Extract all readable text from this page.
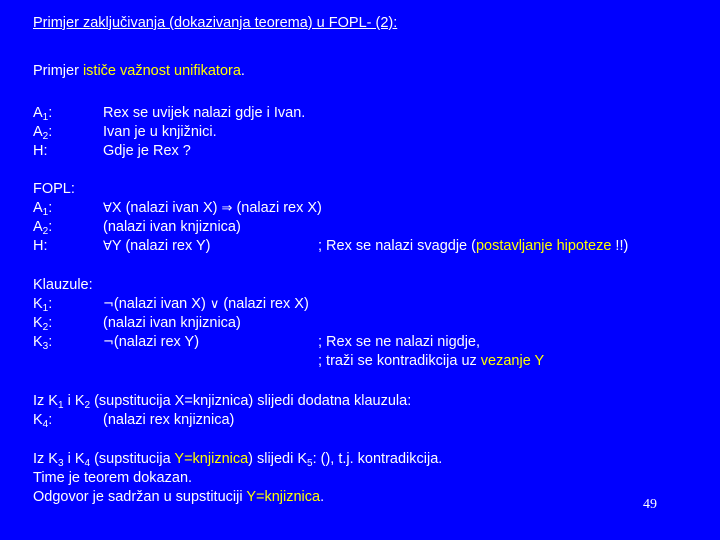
Primjer zaključivanja (dokazivanja teorema) u FOPL- (2):
Primjer ističe važnost unifikatora.
$A_1$:	Rex se uvijek nalazi gdje i Ivan.
$A_2$:	Ivan je u knjižnici.
H:	Gdje je Rex ?
FOPL:
$A_1$:	∀X (nalazi ivan X) ⇒ (nalazi rex X)
$A_2$:	(nalazi ivan knjiznica)
H:	∀Y (nalazi rex Y)	; Rex se nalazi svagdje (postavljanje hipoteze !!)
Klauzule:
$K_1$:	¬(nalazi ivan X) ∨ (nalazi rex X)
$K_2$:	(nalazi ivan knjiznica)
$K_3$:	¬(nalazi rex Y)	; Rex se ne nalazi nigdje,
; traži se kontradikcija uz vezanje Y
Iz $K_1$ i $K_2$ (supstitucija X=knjiznica) slijedi dodatna klauzula:
$K_4$:	(nalazi rex knjiznica)
Iz $K_3$ i $K_4$ (supstitucija Y=knjiznica) slijedi $K_5$: (), t.j. kontradikcija.
Time je teorem dokazan.
Odgovor je sadržan u supstituciji Y=knjiznica.	49
